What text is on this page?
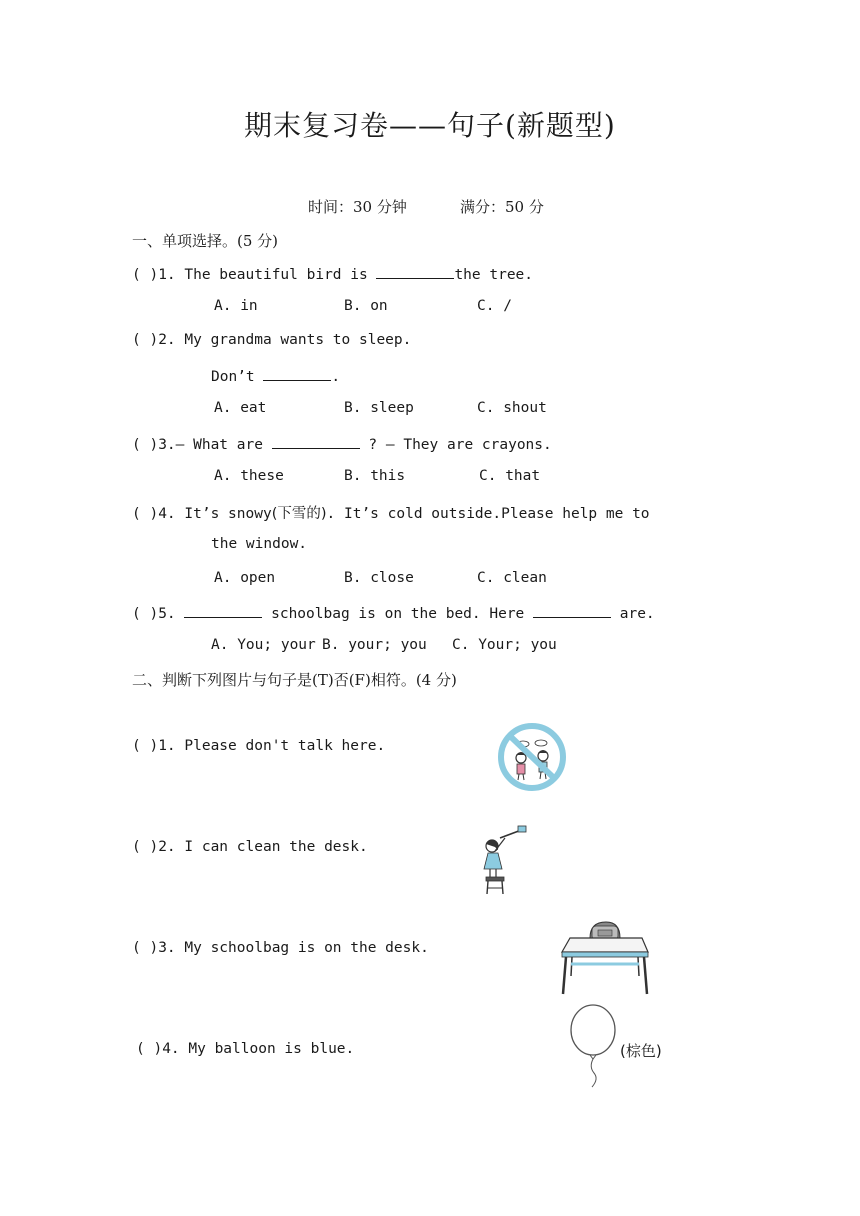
期末复习卷——句子(新题型)
时间：30 分钟	满分：50 分
一、单项选择。(5 分)
( )1. The beautiful bird is	the tree.
A. in	B. on	C. /
( )2. My grandma wants to sleep.
Don’t	.
A. eat	B. sleep	C. shout
( )3.— What are	? — They are crayons.
A. these	B. this	C. that
( )4. It’s snowy(下雪的). It’s cold outside.Please help me to
the window.
A. open	B. close	C. clean
( )5.	schoolbag is on the bed. Here	are.
A. You; your B. your; you C. Your; you
二、判断下列图片与句子是(T)否(F)相符。(4 分)
( )1. Please don't talk here.
( )2. I can clean the desk.
( )3. My schoolbag is on the desk.
( )4. My balloon is blue.	(棕色)
